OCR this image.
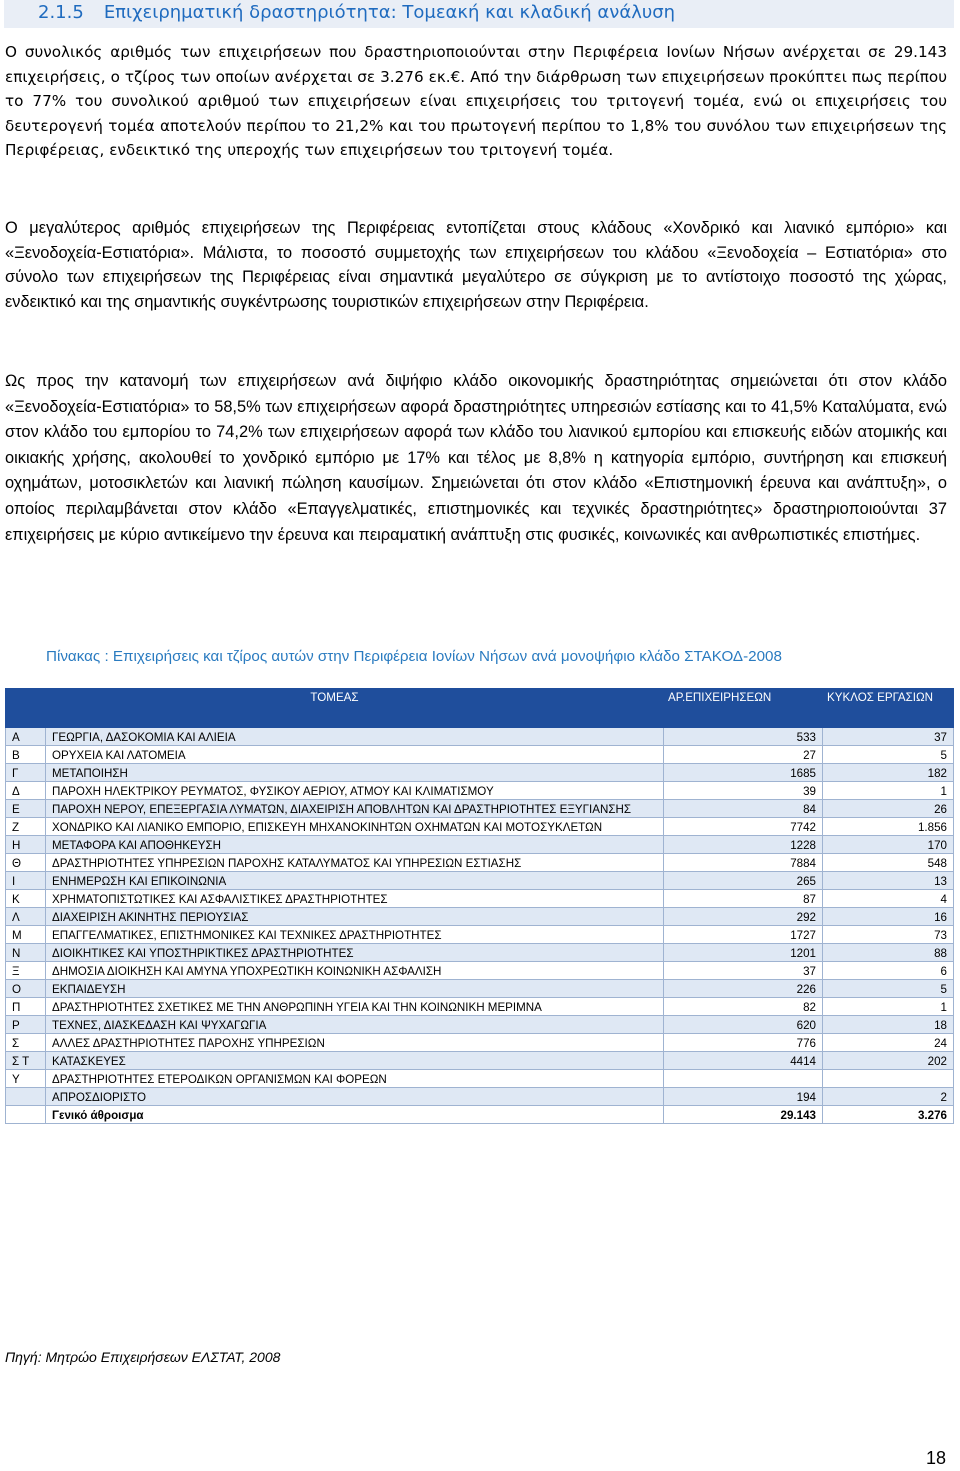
2.1.5 Επιχειρηματική δραστηριότητα: Τομεακή και κλαδική ανάλυση

Ο συνολικός αριθμός των επιχειρήσεων που δραστηριοποιούνται στην Περιφέρεια Ιονίων Νήσων ανέρχεται σε 29.143 επιχειρήσεις, ο τζίρος των οποίων ανέρχεται σε 3.276 εκ.€. Από την διάρθρωση των επιχειρήσεων προκύπτει πως περίπου το 77% του συνολικού αριθμού των επιχειρήσεων είναι επιχειρήσεις του τριτογενή τομέα, ενώ οι επιχειρήσεις του δευτερογενή τομέα αποτελούν περίπου το 21,2% και του πρωτογενή περίπου το 1,8% του συνόλου των επιχειρήσεων της Περιφέρειας, ενδεικτικό της υπεροχής των επιχειρήσεων του τριτογενή τομέα.

Ο μεγαλύτερος αριθμός επιχειρήσεων της Περιφέρειας εντοπίζεται στους κλάδους «Χονδρικό και λιανικό εμπόριο» και «Ξενοδοχεία-Εστιατόρια». Μάλιστα, το ποσοστό συμμετοχής των επιχειρήσεων του κλάδου «Ξενοδοχεία – Εστιατόρια» στο σύνολο των επιχειρήσεων της Περιφέρειας είναι σημαντικά μεγαλύτερο σε σύγκριση με το αντίστοιχο ποσοστό της χώρας, ενδεικτικό και της σημαντικής συγκέντρωσης τουριστικών επιχειρήσεων στην Περιφέρεια.

Ως προς την κατανομή των επιχειρήσεων ανά διψήφιο κλάδο οικονομικής δραστηριότητας σημειώνεται ότι στον κλάδο «Ξενοδοχεία-Εστιατόρια» το 58,5% των επιχειρήσεων αφορά δραστηριότητες υπηρεσιών εστίασης και το 41,5% Καταλύματα, ενώ στον κλάδο του εμπορίου το 74,2% των επιχειρήσεων αφορά των κλάδο του λιανικού εμπορίου και επισκευής ειδών ατομικής και οικιακής χρήσης, ακολουθεί το χονδρικό εμπόριο με 17% και τέλος με 8,8% η κατηγορία εμπόριο, συντήρηση και επισκευή οχημάτων, μοτοσικλετών και λιανική πώληση καυσίμων. Σημειώνεται ότι στον κλάδο «Επιστημονική έρευνα και ανάπτυξη», ο οποίος περιλαμβάνεται στον κλάδο «Επαγγελματικές, επιστημονικές και τεχνικές δραστηριότητες» δραστηριοποιούνται 37 επιχειρήσεις με κύριο αντικείμενο την έρευνα και πειραματική ανάπτυξη στις φυσικές, κοινωνικές και ανθρωπιστικές επιστήμες.

Πίνακας : Επιχειρήσεις και τζίρος αυτών στην Περιφέρεια Ιονίων Νήσων ανά μονοψήφιο κλάδο ΣΤΑΚΟΔ-2008
ΤΟΜΕΑΣ		ΑΡ.ΕΠΙΧΕΙΡΗΣΕΩΝ	ΚΥΚΛΟΣ ΕΡΓΑΣΙΩΝ
Α	ΓΕΩΡΓΙΑ, ΔΑΣΟΚΟΜΙΑ ΚΑΙ ΑΛΙΕΙΑ	533	37
Β	ΟΡΥΧΕΙΑ ΚΑΙ ΛΑΤΟΜΕΙΑ	27	5
Γ	ΜΕΤΑΠΟΙΗΣΗ	1685	182
Δ	ΠΑΡΟΧΗ ΗΛΕΚΤΡΙΚΟΥ ΡΕΥΜΑΤΟΣ, ΦΥΣΙΚΟΥ ΑΕΡΙΟΥ, ΑΤΜΟΥ ΚΑΙ ΚΛΙΜΑΤΙΣΜΟΥ	39	1
Ε	ΠΑΡΟΧΗ ΝΕΡΟΥ, ΕΠΕΞΕΡΓΑΣΙΑ ΛΥΜΑΤΩΝ, ΔΙΑΧΕΙΡΙΣΗ ΑΠΟΒΛΗΤΩΝ ΚΑΙ ΔΡΑΣΤΗΡΙΟΤΗΤΕΣ ΕΞΥΓΙΑΝΣΗΣ	84	26
Ζ	ΧΟΝΔΡΙΚΟ ΚΑΙ ΛΙΑΝΙΚΟ ΕΜΠΟΡΙΟ, ΕΠΙΣΚΕΥΗ ΜΗΧΑΝΟΚΙΝΗΤΩΝ ΟΧΗΜΑΤΩΝ ΚΑΙ ΜΟΤΟΣΥΚΛΕΤΩΝ	7742	1.856
Η	ΜΕΤΑΦΟΡΑ ΚΑΙ ΑΠΟΘΗΚΕΥΣΗ	1228	170
Θ	ΔΡΑΣΤΗΡΙΟΤΗΤΕΣ ΥΠΗΡΕΣΙΩΝ ΠΑΡΟΧΗΣ ΚΑΤΑΛΥΜΑΤΟΣ ΚΑΙ ΥΠΗΡΕΣΙΩΝ ΕΣΤΙΑΣΗΣ	7884	548
Ι	ΕΝΗΜΕΡΩΣΗ ΚΑΙ ΕΠΙΚΟΙΝΩΝΙΑ	265	13
Κ	ΧΡΗΜΑΤΟΠΙΣΤΩΤΙΚΕΣ ΚΑΙ ΑΣΦΑΛΙΣΤΙΚΕΣ ΔΡΑΣΤΗΡΙΟΤΗΤΕΣ	87	4
Λ	ΔΙΑΧΕΙΡΙΣΗ ΑΚΙΝΗΤΗΣ ΠΕΡΙΟΥΣΙΑΣ	292	16
Μ	ΕΠΑΓΓΕΛΜΑΤΙΚΕΣ, ΕΠΙΣΤΗΜΟΝΙΚΕΣ ΚΑΙ ΤΕΧΝΙΚΕΣ ΔΡΑΣΤΗΡΙΟΤΗΤΕΣ	1727	73
Ν	ΔΙΟΙΚΗΤΙΚΕΣ ΚΑΙ ΥΠΟΣΤΗΡΙΚΤΙΚΕΣ ΔΡΑΣΤΗΡΙΟΤΗΤΕΣ	1201	88
Ξ	ΔΗΜΟΣΙΑ ΔΙΟΙΚΗΣΗ ΚΑΙ ΑΜΥΝΑ ΥΠΟΧΡΕΩΤΙΚΗ ΚΟΙΝΩΝΙΚΗ ΑΣΦΑΛΙΣΗ	37	6
Ο	ΕΚΠΑΙΔΕΥΣΗ	226	5
Π	ΔΡΑΣΤΗΡΙΟΤΗΤΕΣ ΣΧΕΤΙΚΕΣ ΜΕ ΤΗΝ ΑΝΘΡΩΠΙΝΗ ΥΓΕΙΑ ΚΑΙ ΤΗΝ ΚΟΙΝΩΝΙΚΗ ΜΕΡΙΜΝΑ	82	1
Ρ	ΤΕΧΝΕΣ, ΔΙΑΣΚΕΔΑΣΗ ΚΑΙ ΨΥΧΑΓΩΓΙΑ	620	18
Σ	ΑΛΛΕΣ ΔΡΑΣΤΗΡΙΟΤΗΤΕΣ ΠΑΡΟΧΗΣ ΥΠΗΡΕΣΙΩΝ	776	24
Σ Τ	ΚΑΤΑΣΚΕΥΕΣ	4414	202
Υ	ΔΡΑΣΤΗΡΙΟΤΗΤΕΣ ΕΤΕΡΟΔΙΚΩΝ ΟΡΓΑΝΙΣΜΩΝ ΚΑΙ ΦΟΡΕΩΝ		
	ΑΠΡΟΣΔΙΟΡΙΣΤΟ	194	2
	Γενικό άθροισμα	29.143	3.276
Πηγή: Μητρώο Επιχειρήσεων ΕΛΣΤΑΤ, 2008
18
